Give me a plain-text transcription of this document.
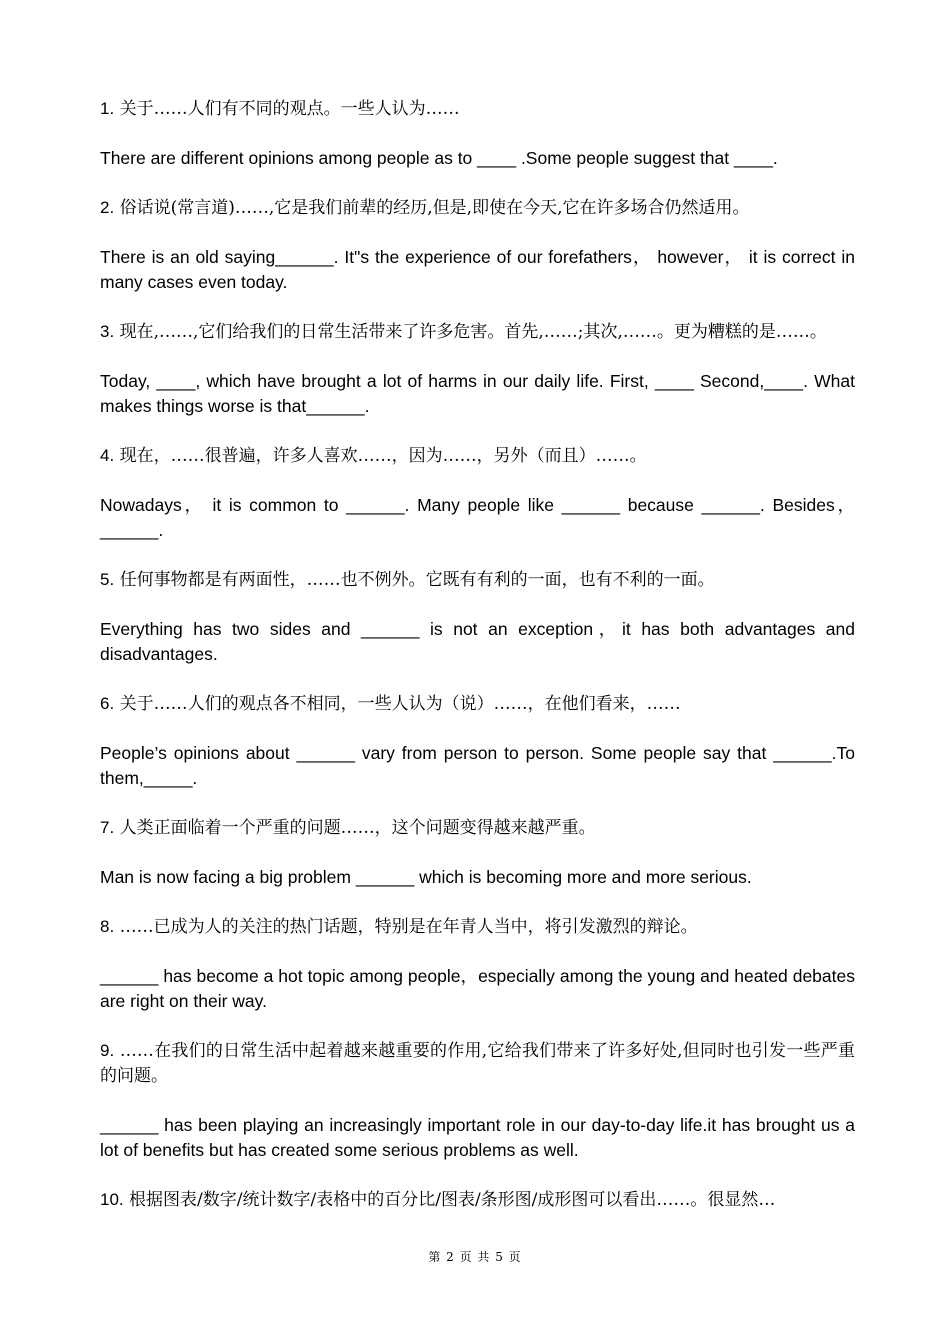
1. 关于……人们有不同的观点。一些人认为……

There are different opinions among people as to ____ .Some people suggest that ____.

2. 俗话说(常言道)……,它是我们前辈的经历,但是,即使在今天,它在许多场合仍然适用。

There is an old saying______. It"s the experience of our forefathers， however， it is correct in many cases even today.

3. 现在,……,它们给我们的日常生活带来了许多危害。首先,……;其次,……。更为糟糕的是……。

Today, ____, which have brought a lot of harms in our daily life. First, ____ Second,____. What makes things worse is that______.

4. 现在，……很普遍，许多人喜欢……，因为……，另外（而且）……。

Nowadays， it is common to ______. Many people like ______ because ______. Besides，______.

5. 任何事物都是有两面性，……也不例外。它既有有利的一面，也有不利的一面。

Everything has two sides and ______ is not an exception，it has both advantages and disadvantages.

6. 关于……人们的观点各不相同，一些人认为（说）……，在他们看来，……

People’s opinions about ______ vary from person to person. Some people say that ______.To them,_____.

7. 人类正面临着一个严重的问题……，这个问题变得越来越严重。

Man is now facing a big problem ______ which is becoming more and more serious.

8. ……已成为人的关注的热门话题，特别是在年青人当中，将引发激烈的辩论。

______ has become a hot topic among people，especially among the young and heated debates are right on their way.

9. ……在我们的日常生活中起着越来越重要的作用,它给我们带来了许多好处,但同时也引发一些严重的问题。

______ has been playing an increasingly important role in our day-to-day life.it has brought us a lot of benefits but has created some serious problems as well.

10. 根据图表/数字/统计数字/表格中的百分比/图表/条形图/成形图可以看出……。很显然…

第 2 页 共 5 页
